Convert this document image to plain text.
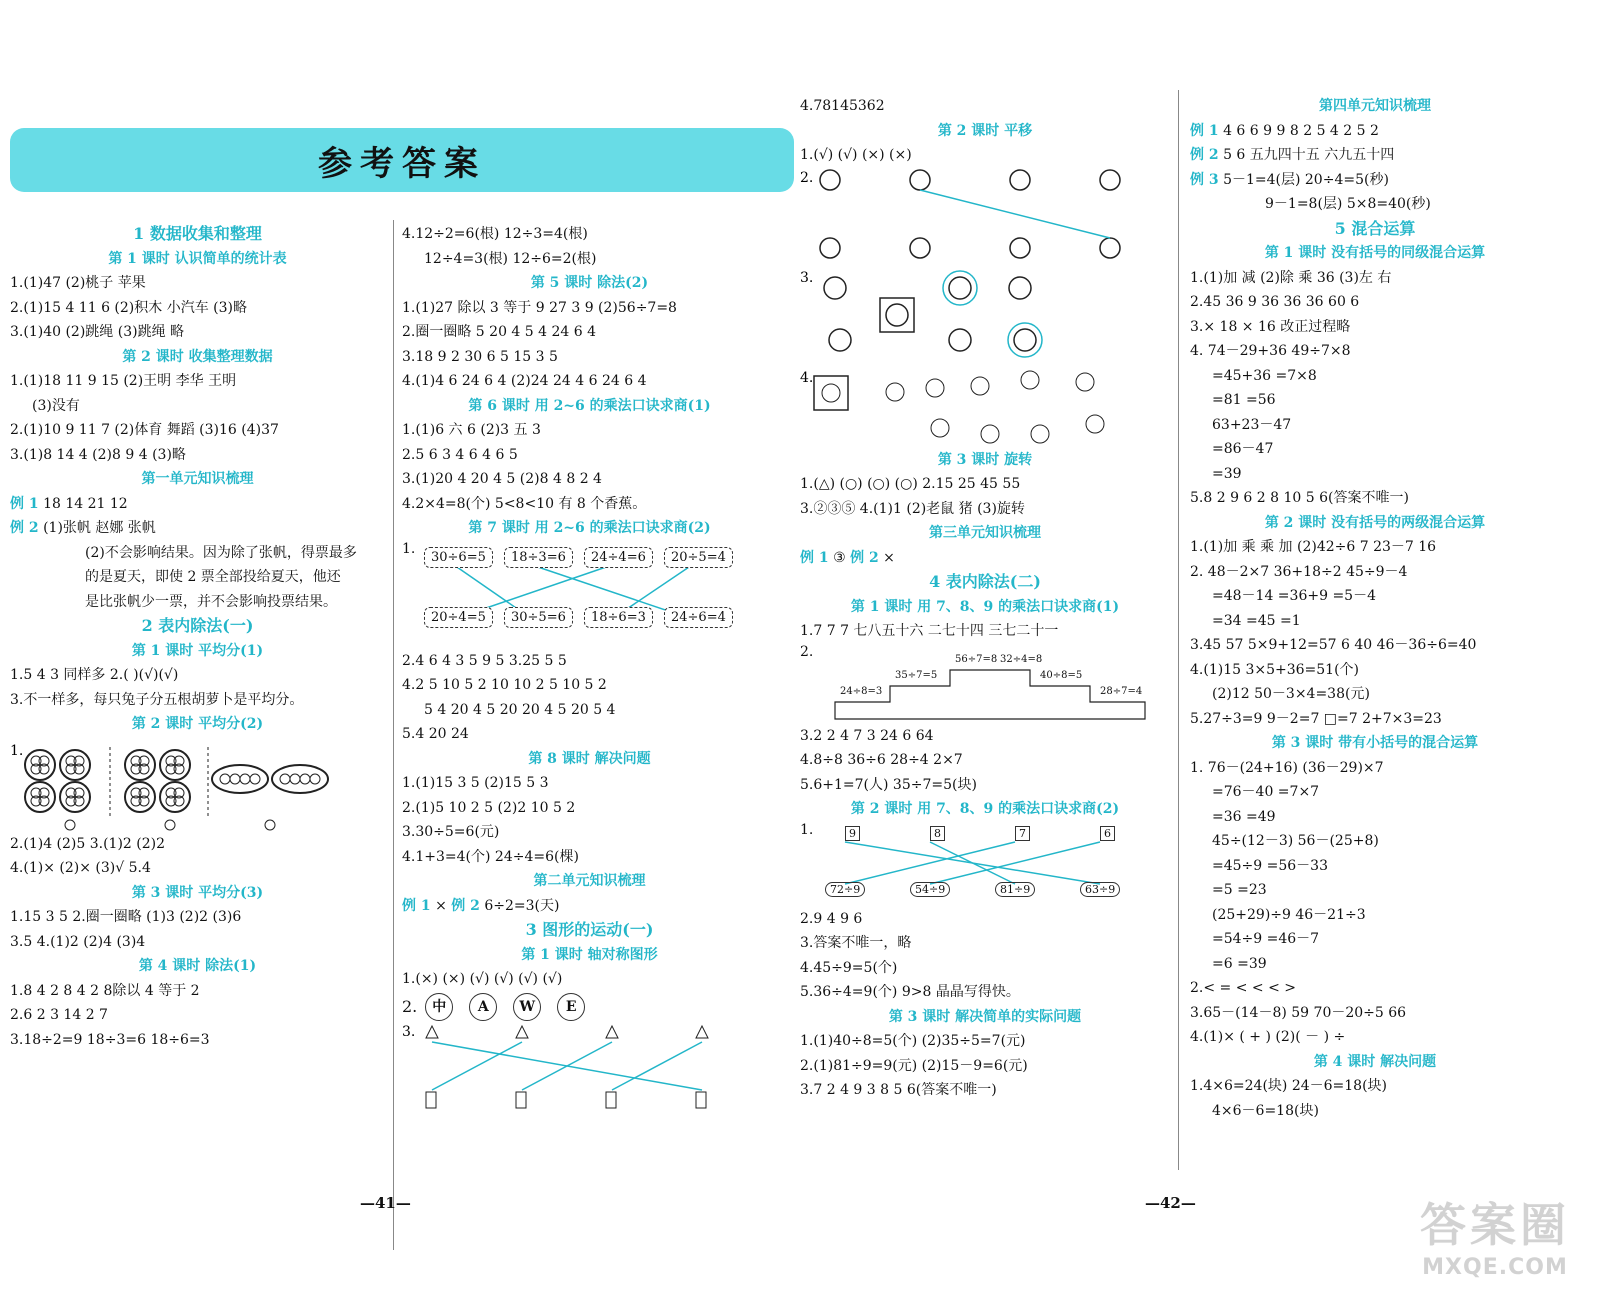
参考答案
1 数据收集和整理
第 1 课时 认识简单的统计表
1.(1)47 (2)桃子 苹果
2.(1)15 4 11 6 (2)积木 小汽车 (3)略
3.(1)40 (2)跳绳 (3)跳绳 略
第 2 课时 收集整理数据
1.(1)18 11 9 15 (2)王明 李华 王明
(3)没有
2.(1)10 9 11 7 (2)体育 舞蹈 (3)16 (4)37
3.(1)8 14 4 (2)8 9 4 (3)略
第一单元知识梳理
例 1 18 14 21 12
例 2 (1)张帆 赵娜 张帆
(2)不会影响结果。因为除了张帆，得票最多
的是夏天，即使 2 票全部投给夏天，他还
是比张帆少一票，并不会影响投票结果。
2 表内除法(一)
第 1 课时 平均分(1)
1.5 4 3 同样多 2.( )(√)(√)
3.不一样多，每只兔子分五根胡萝卜是平均分。
第 2 课时 平均分(2)
1.
2.(1)4 (2)5 3.(1)2 (2)2
4.(1)× (2)× (3)√ 5.4
第 3 课时 平均分(3)
1.15 3 5 2.圈一圈略 (1)3 (2)2 (3)6
3.5 4.(1)2 (2)4 (3)4
第 4 课时 除法(1)
1.8 4 2 8 4 2 8除以 4 等于 2
2.6 2 3 14 2 7
3.18÷2=9 18÷3=6 18÷6=3
4.12÷2=6(根) 12÷3=4(根)
12÷4=3(根) 12÷6=2(根)
第 5 课时 除法(2)
1.(1)27 除以 3 等于 9 27 3 9 (2)56÷7=8
2.圈一圈略 5 20 4 5 4 24 6 4
3.18 9 2 30 6 5 15 3 5
4.(1)4 6 24 6 4 (2)24 24 4 6 24 6 4
第 6 课时 用 2~6 的乘法口诀求商(1)
1.(1)6 六 6 (2)3 五 3
2.5 6 3 4 6 4 6 5
3.(1)20 4 20 4 5 (2)8 4 8 2 4
4.2×4=8(个) 5<8<10 有 8 个香蕉。
第 7 课时 用 2~6 的乘法口诀求商(2)
1.
30÷6=5	18÷3=6	24÷4=6	20÷5=4
20÷4=5	30÷5=6	18÷6=3	24÷6=4
2.4 6 4 3 5 9 5 3.25 5 5
4.2 5 10 5 2 10 10 2 5 10 5 2
5 4 20 4 5 20 20 4 5 20 5 4
5.4 20 24
第 8 课时 解决问题
1.(1)15 3 5 (2)15 5 3
2.(1)5 10 2 5 (2)2 10 5 2
3.30÷5=6(元)
4.1+3=4(个) 24÷4=6(棵)
第二单元知识梳理
例 1 × 例 2 6÷2=3(天)
3 图形的运动(一)
第 1 课时 轴对称图形
1.(×) (×) (√) (√) (√) (√)
2.	中	A	W	E
3.
—41—
4.78145362
第 2 课时 平移
1.(√) (√) (×) (×)
2.
3.
4.
第 3 课时 旋转
1.(△) (○) (○) (○) 2.15 25 45 55
3.②③⑤ 4.(1)1 (2)老鼠 猪 (3)旋转
第三单元知识梳理
例 1 ③ 例 2 ×
4 表内除法(二)
第 1 课时 用 7、8、9 的乘法口诀求商(1)
1.7 7 7 七八五十六 二七十四 三七二十一
2.
24÷8=3
35÷7=5
56÷7=8 32÷4=8
40÷8=5
28÷7=4
3.2 2 4 7 3 24 6 64
4.8÷8 36÷6 28÷4 2×7
5.6+1=7(人) 35÷7=5(块)
第 2 课时 用 7、8、9 的乘法口诀求商(2)
1.	9	8	7	6
72÷9	54÷9	81÷9	63÷9
2.9 4 9 6
3.答案不唯一，略
4.45÷9=5(个)
5.36÷4=9(个) 9>8 晶晶写得快。
第 3 课时 解决简单的实际问题
1.(1)40÷8=5(个) (2)35÷5=7(元)
2.(1)81÷9=9(元) (2)15－9=6(元)
3.7 2 4 9 3 8 5 6(答案不唯一)
第四单元知识梳理
例 1 4 6 6 9 9 8 2 5 4 2 5 2
例 2 5 6 五九四十五 六九五十四
例 3 5－1=4(层) 20÷4=5(秒)
9－1=8(层) 5×8=40(秒)
5 混合运算
第 1 课时 没有括号的同级混合运算
1.(1)加 减 (2)除 乘 36 (3)左 右
2.45 36 9 36 36 36 60 6
3.× 18 × 16 改正过程略
4. 74－29+36 49÷7×8
=45+36 =7×8
=81 =56
63+23－47
=86－47
=39
5.8 2 9 6 2 8 10 5 6(答案不唯一)
第 2 课时 没有括号的两级混合运算
1.(1)加 乘 乘 加 (2)42÷6 7 23－7 16
2. 48－2×7 36+18÷2 45÷9－4
=48－14 =36+9 =5－4
=34 =45 =1
3.45 57 5×9+12=57 6 40 46－36÷6=40
4.(1)15 3×5+36=51(个)
(2)12 50－3×4=38(元)
5.27÷3=9 9－2=7 □=7 2+7×3=23
第 3 课时 带有小括号的混合运算
1. 76－(24+16) (36－29)×7
=76－40 =7×7
=36 =49
45÷(12－3) 56－(25+8)
=45÷9 =56－33
=5 =23
(25+29)÷9 46－21÷3
=54÷9 =46－7
=6 =39
2.< = < < < >
3.65－(14－8) 59 70－20÷5 66
4.(1)× ( + ) (2)( － ) ÷
第 4 课时 解决问题
1.4×6=24(块) 24－6=18(块)
4×6－6=18(块)
—42—	答案圈
MXQE.COM
